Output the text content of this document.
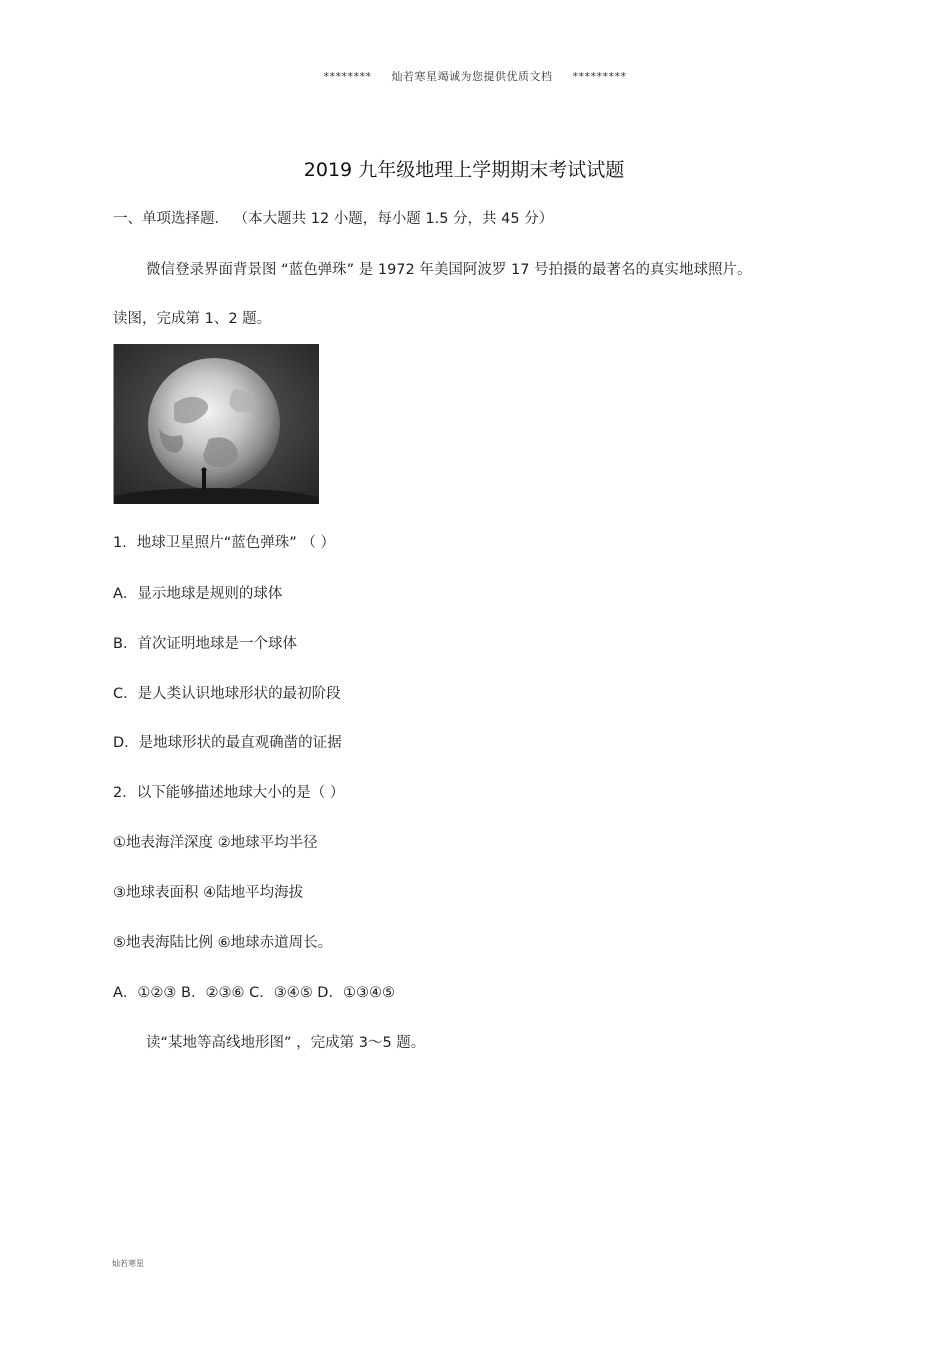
******** 灿若寒星竭诚为您提供优质文档 *********
2019 九年级地理上学期期末考试试题
一、单项选择题． （本大题共 12 小题，每小题 1.5 分，共 45 分）
微信登录界面背景图 “蓝色弹珠” 是 1972 年美国阿波罗 17 号拍摄的最著名的真实地球照片。
读图，完成第 1、2 题。
1．地球卫星照片“蓝色弹珠” （ ）
A．显示地球是规则的球体
B．首次证明地球是一个球体
C．是人类认识地球形状的最初阶段
D．是地球形状的最直观确凿的证据
2．以下能够描述地球大小的是（ ）
①地表海洋深度 ②地球平均半径
③地球表面积 ④陆地平均海拔
⑤地表海陆比例 ⑥地球赤道周长。
A．①②③ B．②③⑥ C．③④⑤ D．①③④⑤
读“某地等高线地形图” ，完成第 3～5 题。
灿若寒星
